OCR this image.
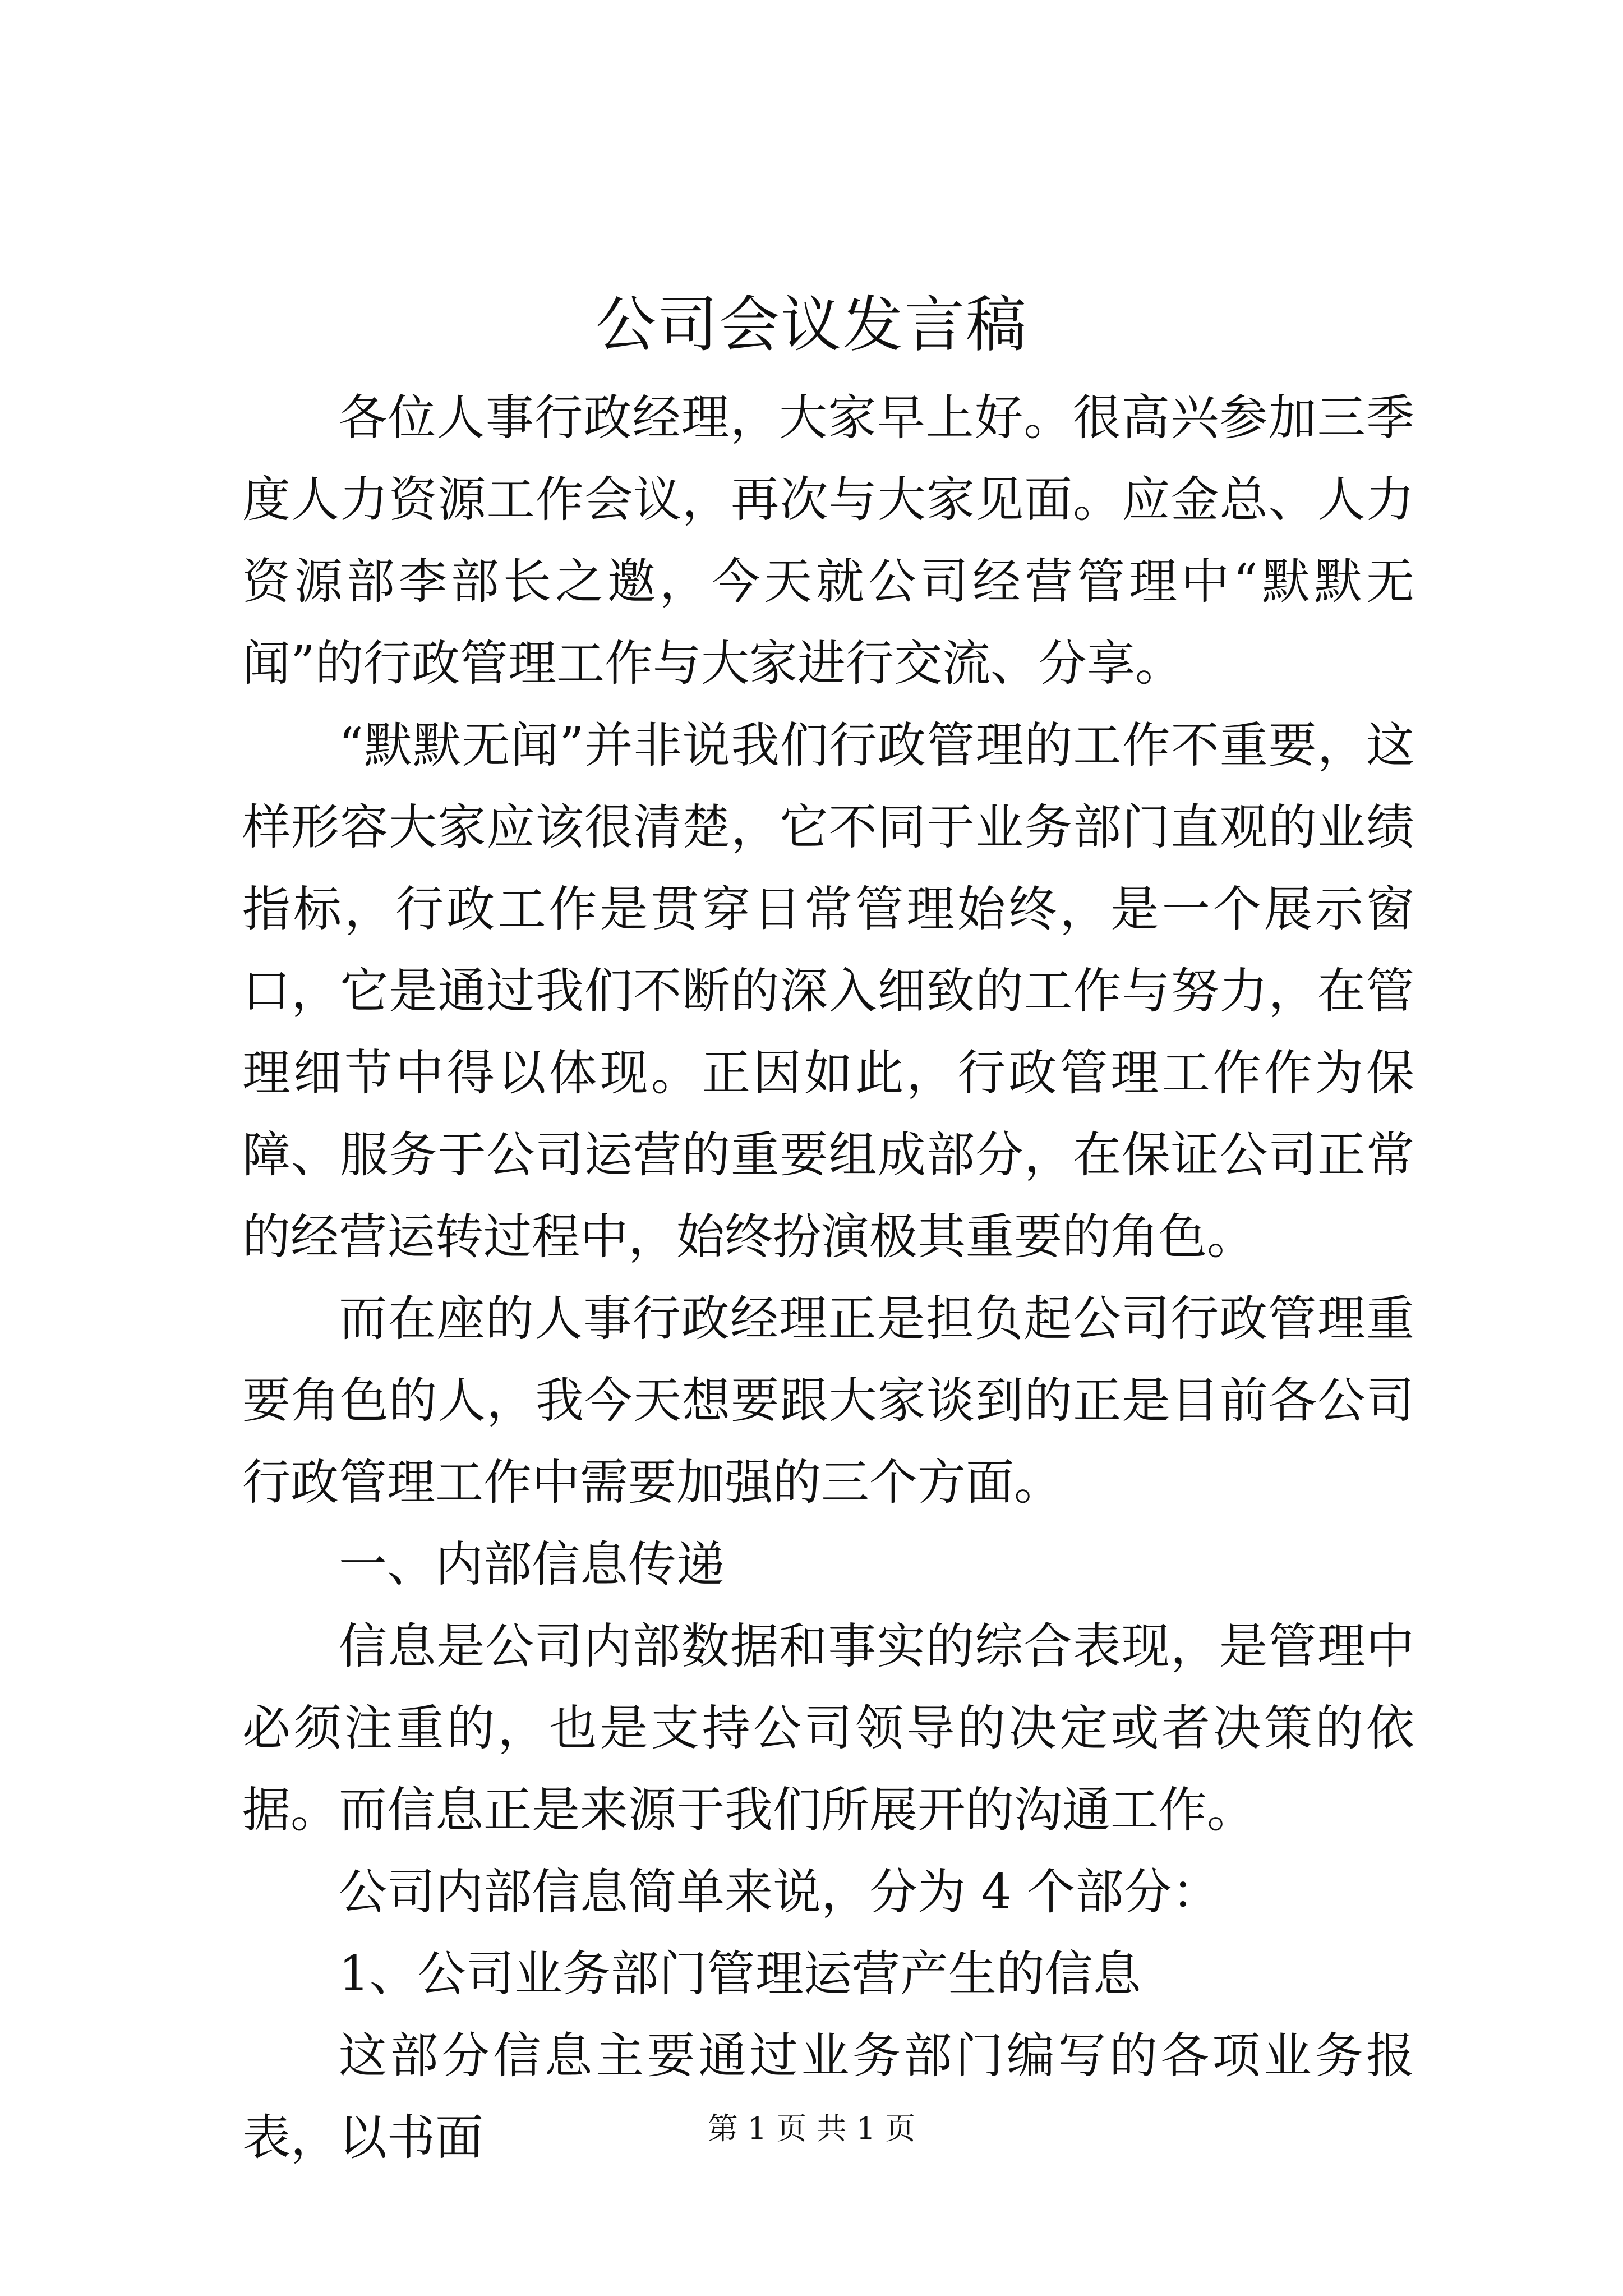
公司会议发言稿

各位人事行政经理，大家早上好。很高兴参加三季度人力资源工作会议，再次与大家见面。应金总、人力资源部李部长之邀，今天就公司经营管理中“默默无闻”的行政管理工作与大家进行交流、分享。

“默默无闻”并非说我们行政管理的工作不重要，这样形容大家应该很清楚，它不同于业务部门直观的业绩指标，行政工作是贯穿日常管理始终，是一个展示窗口，它是通过我们不断的深入细致的工作与努力，在管理细节中得以体现。正因如此，行政管理工作作为保障、服务于公司运营的重要组成部分，在保证公司正常的经营运转过程中，始终扮演极其重要的角色。

而在座的人事行政经理正是担负起公司行政管理重要角色的人，我今天想要跟大家谈到的正是目前各公司行政管理工作中需要加强的三个方面。

一、内部信息传递

信息是公司内部数据和事实的综合表现，是管理中必须注重的，也是支持公司领导的决定或者决策的依据。而信息正是来源于我们所展开的沟通工作。

公司内部信息简单来说，分为 4 个部分：

1、公司业务部门管理运营产生的信息

这部分信息主要通过业务部门编写的各项业务报表，以书面	第 1 页 共 1 页
